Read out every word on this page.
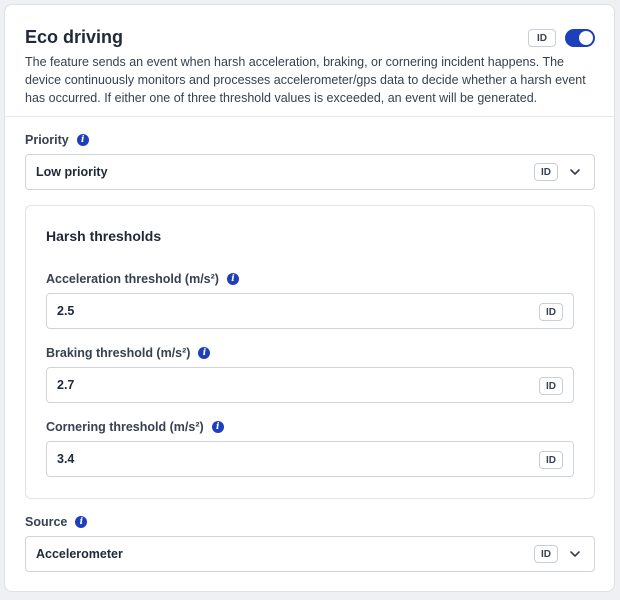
Eco driving	ID
The feature sends an event when harsh acceleration, braking, or cornering incident happens. The device continuously monitors and processes accelerometer/gps data to decide whether a harsh event has occurred. If either one of three threshold values is exceeded, an event will be generated.
Priority	i
Low priority	ID
Harsh thresholds
Acceleration threshold (m/s²)	i
2.5	ID
Braking threshold (m/s²)	i
2.7	ID
Cornering threshold (m/s²)	i
3.4	ID
Source	i
Accelerometer	ID
